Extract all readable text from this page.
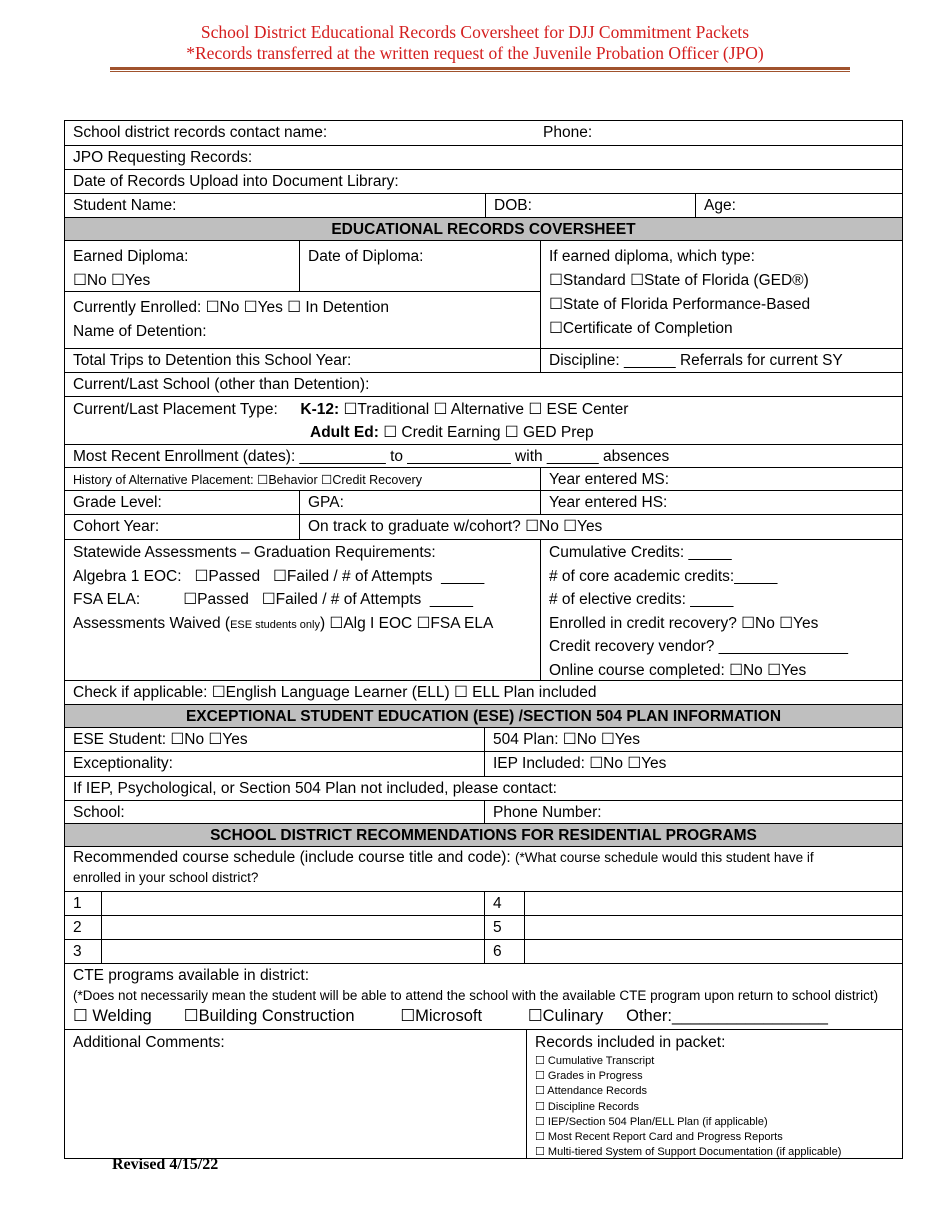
School District Educational Records Coversheet for DJJ Commitment Packets
*Records transferred at the written request of the Juvenile Probation Officer (JPO)
School district records contact name:	Phone:
JPO Requesting Records:
Date of Records Upload into Document Library:
Student Name:	DOB:	Age:
EDUCATIONAL RECORDS COVERSHEET
Earned Diploma:
☐No ☐Yes
Date of Diploma:
Currently Enrolled: ☐No ☐Yes ☐ In Detention
Name of Detention:
If earned diploma, which type:
☐Standard ☐State of Florida (GED®)
☐State of Florida Performance-Based
☐Certificate of Completion
Total Trips to Detention this School Year:	Discipline: ______ Referrals for current SY
Current/Last School (other than Detention):
Current/Last Placement Type: K-12: ☐Traditional ☐ Alternative ☐ ESE Center
Adult Ed: ☐ Credit Earning ☐ GED Prep
Most Recent Enrollment (dates): __________ to ____________ with ______ absences
History of Alternative Placement: ☐Behavior ☐Credit Recovery	Year entered MS:
Grade Level:	GPA:	Year entered HS:
Cohort Year:	On track to graduate w/cohort? ☐No ☐Yes
Statewide Assessments – Graduation Requirements:
Algebra 1 EOC:   ☐Passed   ☐Failed / # of Attempts  _____
FSA ELA:          ☐Passed   ☐Failed / # of Attempts  _____
Assessments Waived (ESE students only) ☐Alg I EOC ☐FSA ELA
Cumulative Credits: _____
# of core academic credits:_____
# of elective credits: _____
Enrolled in credit recovery? ☐No ☐Yes
Credit recovery vendor? _______________
Online course completed: ☐No ☐Yes
Check if applicable: ☐English Language Learner (ELL) ☐ ELL Plan included
EXCEPTIONAL STUDENT EDUCATION (ESE) /SECTION 504 PLAN INFORMATION
ESE Student: ☐No ☐Yes	504 Plan: ☐No ☐Yes
Exceptionality:	IEP Included: ☐No ☐Yes
If IEP, Psychological, or Section 504 Plan not included, please contact:
School:	Phone Number:
SCHOOL DISTRICT RECOMMENDATIONS FOR RESIDENTIAL PROGRAMS
Recommended course schedule (include course title and code): (*What course schedule would this student have if
enrolled in your school district?
1	4
2	5
3	6
CTE programs available in district:
(*Does not necessarily mean the student will be able to attend the school with the available CTE program upon return to school district)
☐ Welding       ☐Building Construction          ☐Microsoft          ☐Culinary     Other:_________________
Additional Comments:	Records included in packet:
☐ Cumulative Transcript
☐ Grades in Progress
☐ Attendance Records
☐ Discipline Records
☐ IEP/Section 504 Plan/ELL Plan (if applicable)
☐ Most Recent Report Card and Progress Reports
☐ Multi-tiered System of Support Documentation (if applicable)
Revised 4/15/22
